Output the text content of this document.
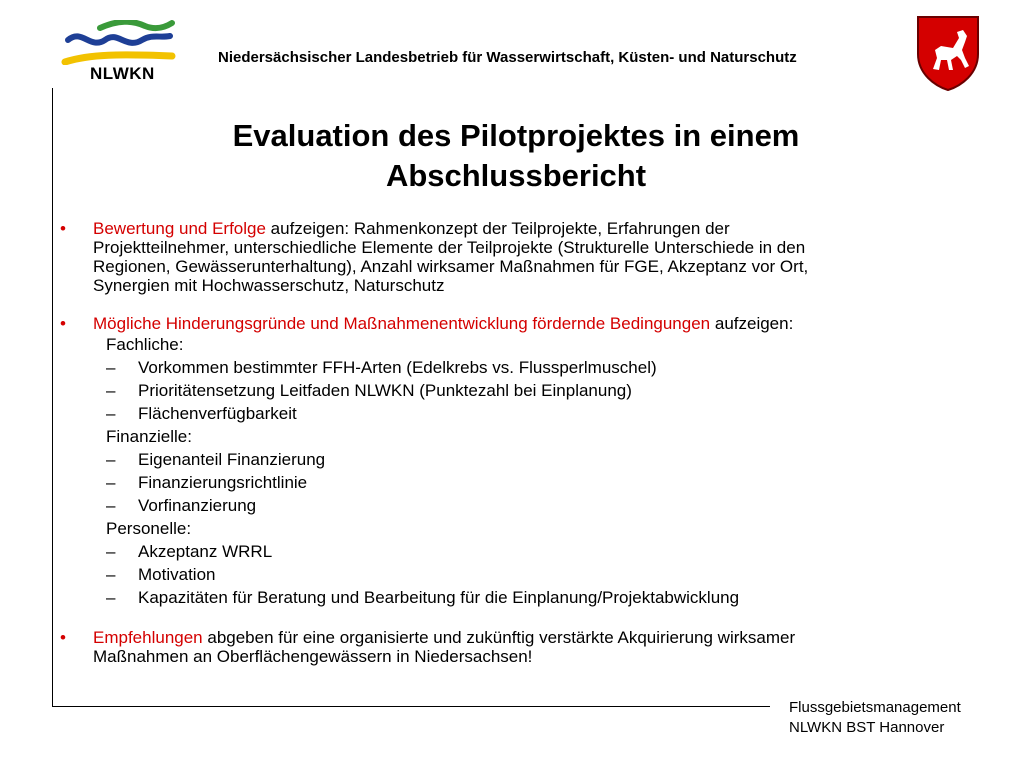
NLWKN
Niedersächsischer Landesbetrieb für Wasserwirtschaft, Küsten- und Naturschutz
Evaluation des Pilotprojektes in einem
Abschlussbericht
• Bewertung und Erfolge aufzeigen: Rahmenkonzept der Teilprojekte, Erfahrungen der
Projektteilnehmer, unterschiedliche Elemente der Teilprojekte (Strukturelle Unterschiede in den
Regionen, Gewässerunterhaltung), Anzahl wirksamer Maßnahmen für FGE, Akzeptanz vor Ort,
Synergien mit Hochwasserschutz, Naturschutz
• Mögliche Hinderungsgründe und Maßnahmenentwicklung fördernde Bedingungen aufzeigen:
Fachliche:
– Vorkommen bestimmter FFH-Arten (Edelkrebs vs. Flussperlmuschel)
– Prioritätensetzung Leitfaden NLWKN (Punktezahl bei Einplanung)
– Flächenverfügbarkeit
Finanzielle:
– Eigenanteil Finanzierung
– Finanzierungsrichtlinie
– Vorfinanzierung
Personelle:
– Akzeptanz WRRL
– Motivation
– Kapazitäten für Beratung und Bearbeitung für die Einplanung/Projektabwicklung
• Empfehlungen abgeben für eine organisierte und zukünftig verstärkte Akquirierung wirksamer
Maßnahmen an Oberflächengewässern in Niedersachsen!
Flussgebietsmanagement
NLWKN BST Hannover
